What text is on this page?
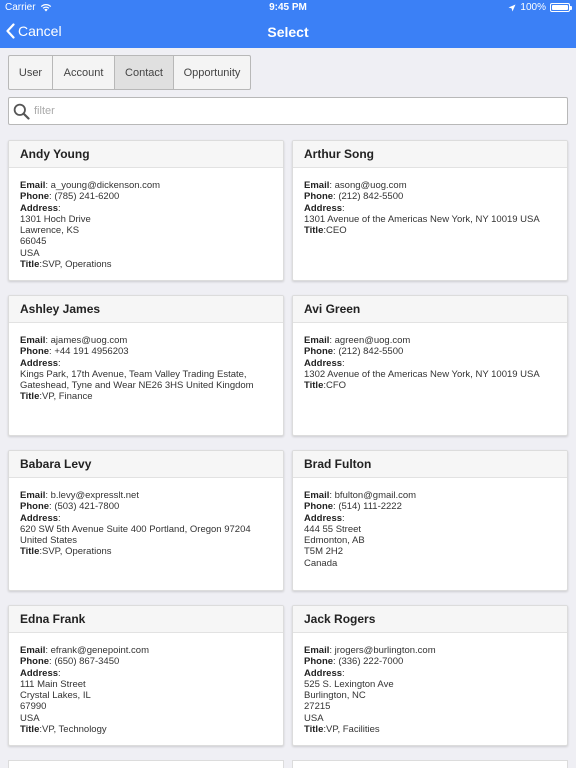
Carrier	9:45 PM	100%
Cancel	Select
User	Account	Contact	Opportunity
filter
Andy Young
Email: a_young@dickenson.com
Phone: (785) 241-6200
Address:
1301 Hoch Drive
Lawrence, KS
66045
USA
Title:SVP, Operations
Arthur Song
Email: asong@uog.com
Phone: (212) 842-5500
Address:
1301 Avenue of the Americas New York, NY 10019 USA
Title:CEO
Ashley James
Email: ajames@uog.com
Phone: +44 191 4956203
Address:
Kings Park, 17th Avenue, Team Valley Trading Estate,
Gateshead, Tyne and Wear NE26 3HS United Kingdom
Title:VP, Finance
Avi Green
Email: agreen@uog.com
Phone: (212) 842-5500
Address:
1302 Avenue of the Americas New York, NY 10019 USA
Title:CFO
Babara Levy
Email: b.levy@expresslt.net
Phone: (503) 421-7800
Address:
620 SW 5th Avenue Suite 400 Portland, Oregon 97204
United States
Title:SVP, Operations
Brad Fulton
Email: bfulton@gmail.com
Phone: (514) 111-2222
Address:
444 55 Street
Edmonton, AB
T5M 2H2
Canada
Edna Frank
Email: efrank@genepoint.com
Phone: (650) 867-3450
Address:
111 Main Street
Crystal Lakes, IL
67990
USA
Title:VP, Technology
Jack Rogers
Email: jrogers@burlington.com
Phone: (336) 222-7000
Address:
525 S. Lexington Ave
Burlington, NC
27215
USA
Title:VP, Facilities
